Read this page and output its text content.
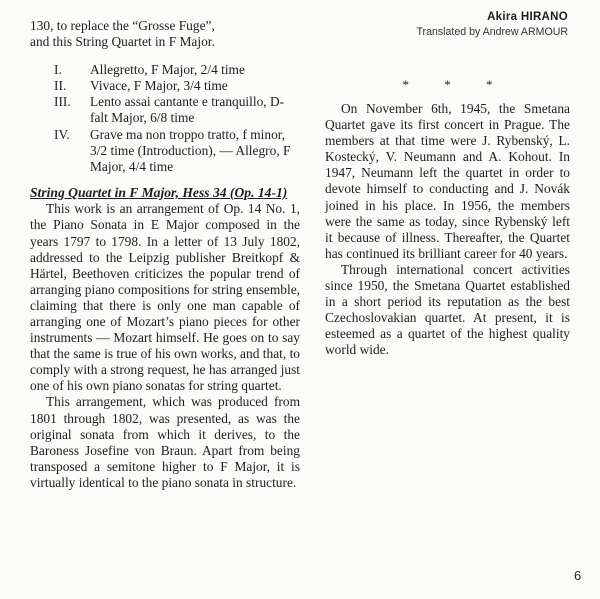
130, to replace the “Grosse Fuge”,

and this String Quartet in F Major.

I.	Allegretto, F Major, 2/4 time
II.	Vivace, F Major, 3/4 time
III.	Lento assai cantante e tranquillo, D-falt Major, 6/8 time
IV.	Grave ma non troppo tratto, f minor, 3/2 time (Introduction), — Allegro, F Major, 4/4 time
String Quartet in F Major, Hess 34 (Op. 14-1)

This work is an arrangement of Op. 14 No. 1, the Piano Sonata in E Major composed in the years 1797 to 1798. In a letter of 13 July 1802, addressed to the Leipzig publisher Breitkopf & Härtel, Beethoven criticizes the popular trend of arranging piano compositions for string ensemble, claiming that there is only one man capable of arranging one of Mozart’s piano pieces for other instruments — Mozart himself. He goes on to say that the same is true of his own works, and that, to comply with a strong request, he has arranged just one of his own piano sonatas for string quartet.

This arrangement, which was produced from 1801 through 1802, was presented, as was the original sonata from which it derives, to the Baroness Josefine von Braun. Apart from being transposed a semitone higher to F Major, it is virtually identical to the piano sonata in structure.

Akira HIRANO
Translated by Andrew ARMOUR
* * *

On November 6th, 1945, the Smetana Quartet gave its first concert in Prague. The members at that time were J. Rybenský, L. Kostecký, V. Neumann and A. Kohout. In 1947, Neumann left the quartet in order to devote himself to conducting and J. Novák joined in his place. In 1956, the members were the same as today, since Rybenský left it because of illness. Thereafter, the Quartet has continued its brilliant career for 40 years.

Through international concert activities since 1950, the Smetana Quartet established in a short period its reputation as the best Czechoslovakian quartet. At present, it is esteemed as a quartet of the highest quality world wide.

6
